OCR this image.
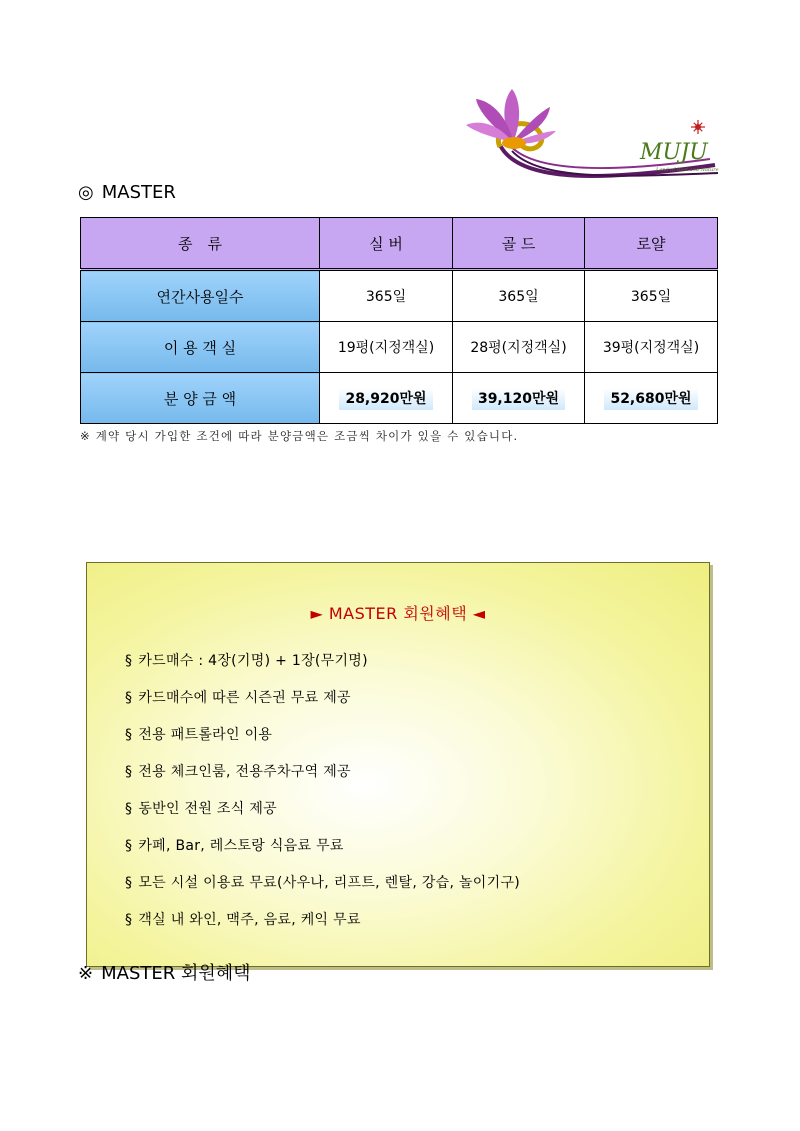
MUJU
Land of Rest and Nature
◎ MASTER
종　류	실 버	골 드	로얄
연간사용일수	365일	365일	365일
이 용 객 실	19평(지정객실)	28평(지정객실)	39평(지정객실)
분 양 금 액	28,920만원	39,120만원	52,680만원
※ 계약 당시 가입한 조건에 따라 분양금액은 조금씩 차이가 있을 수 있습니다.
► MASTER 회원혜택 ◄
§ 카드매수 : 4장(기명) + 1장(무기명)
§ 카드매수에 따른 시즌권 무료 제공
§ 전용 패트롤라인 이용
§ 전용 체크인룸, 전용주차구역 제공
§ 동반인 전원 조식 제공
§ 카페, Bar, 레스토랑 식음료 무료
§ 모든 시설 이용료 무료(사우나, 리프트, 렌탈, 강습, 놀이기구)
§ 객실 내 와인, 맥주, 음료, 케익 무료
※ MASTER 회원혜택
